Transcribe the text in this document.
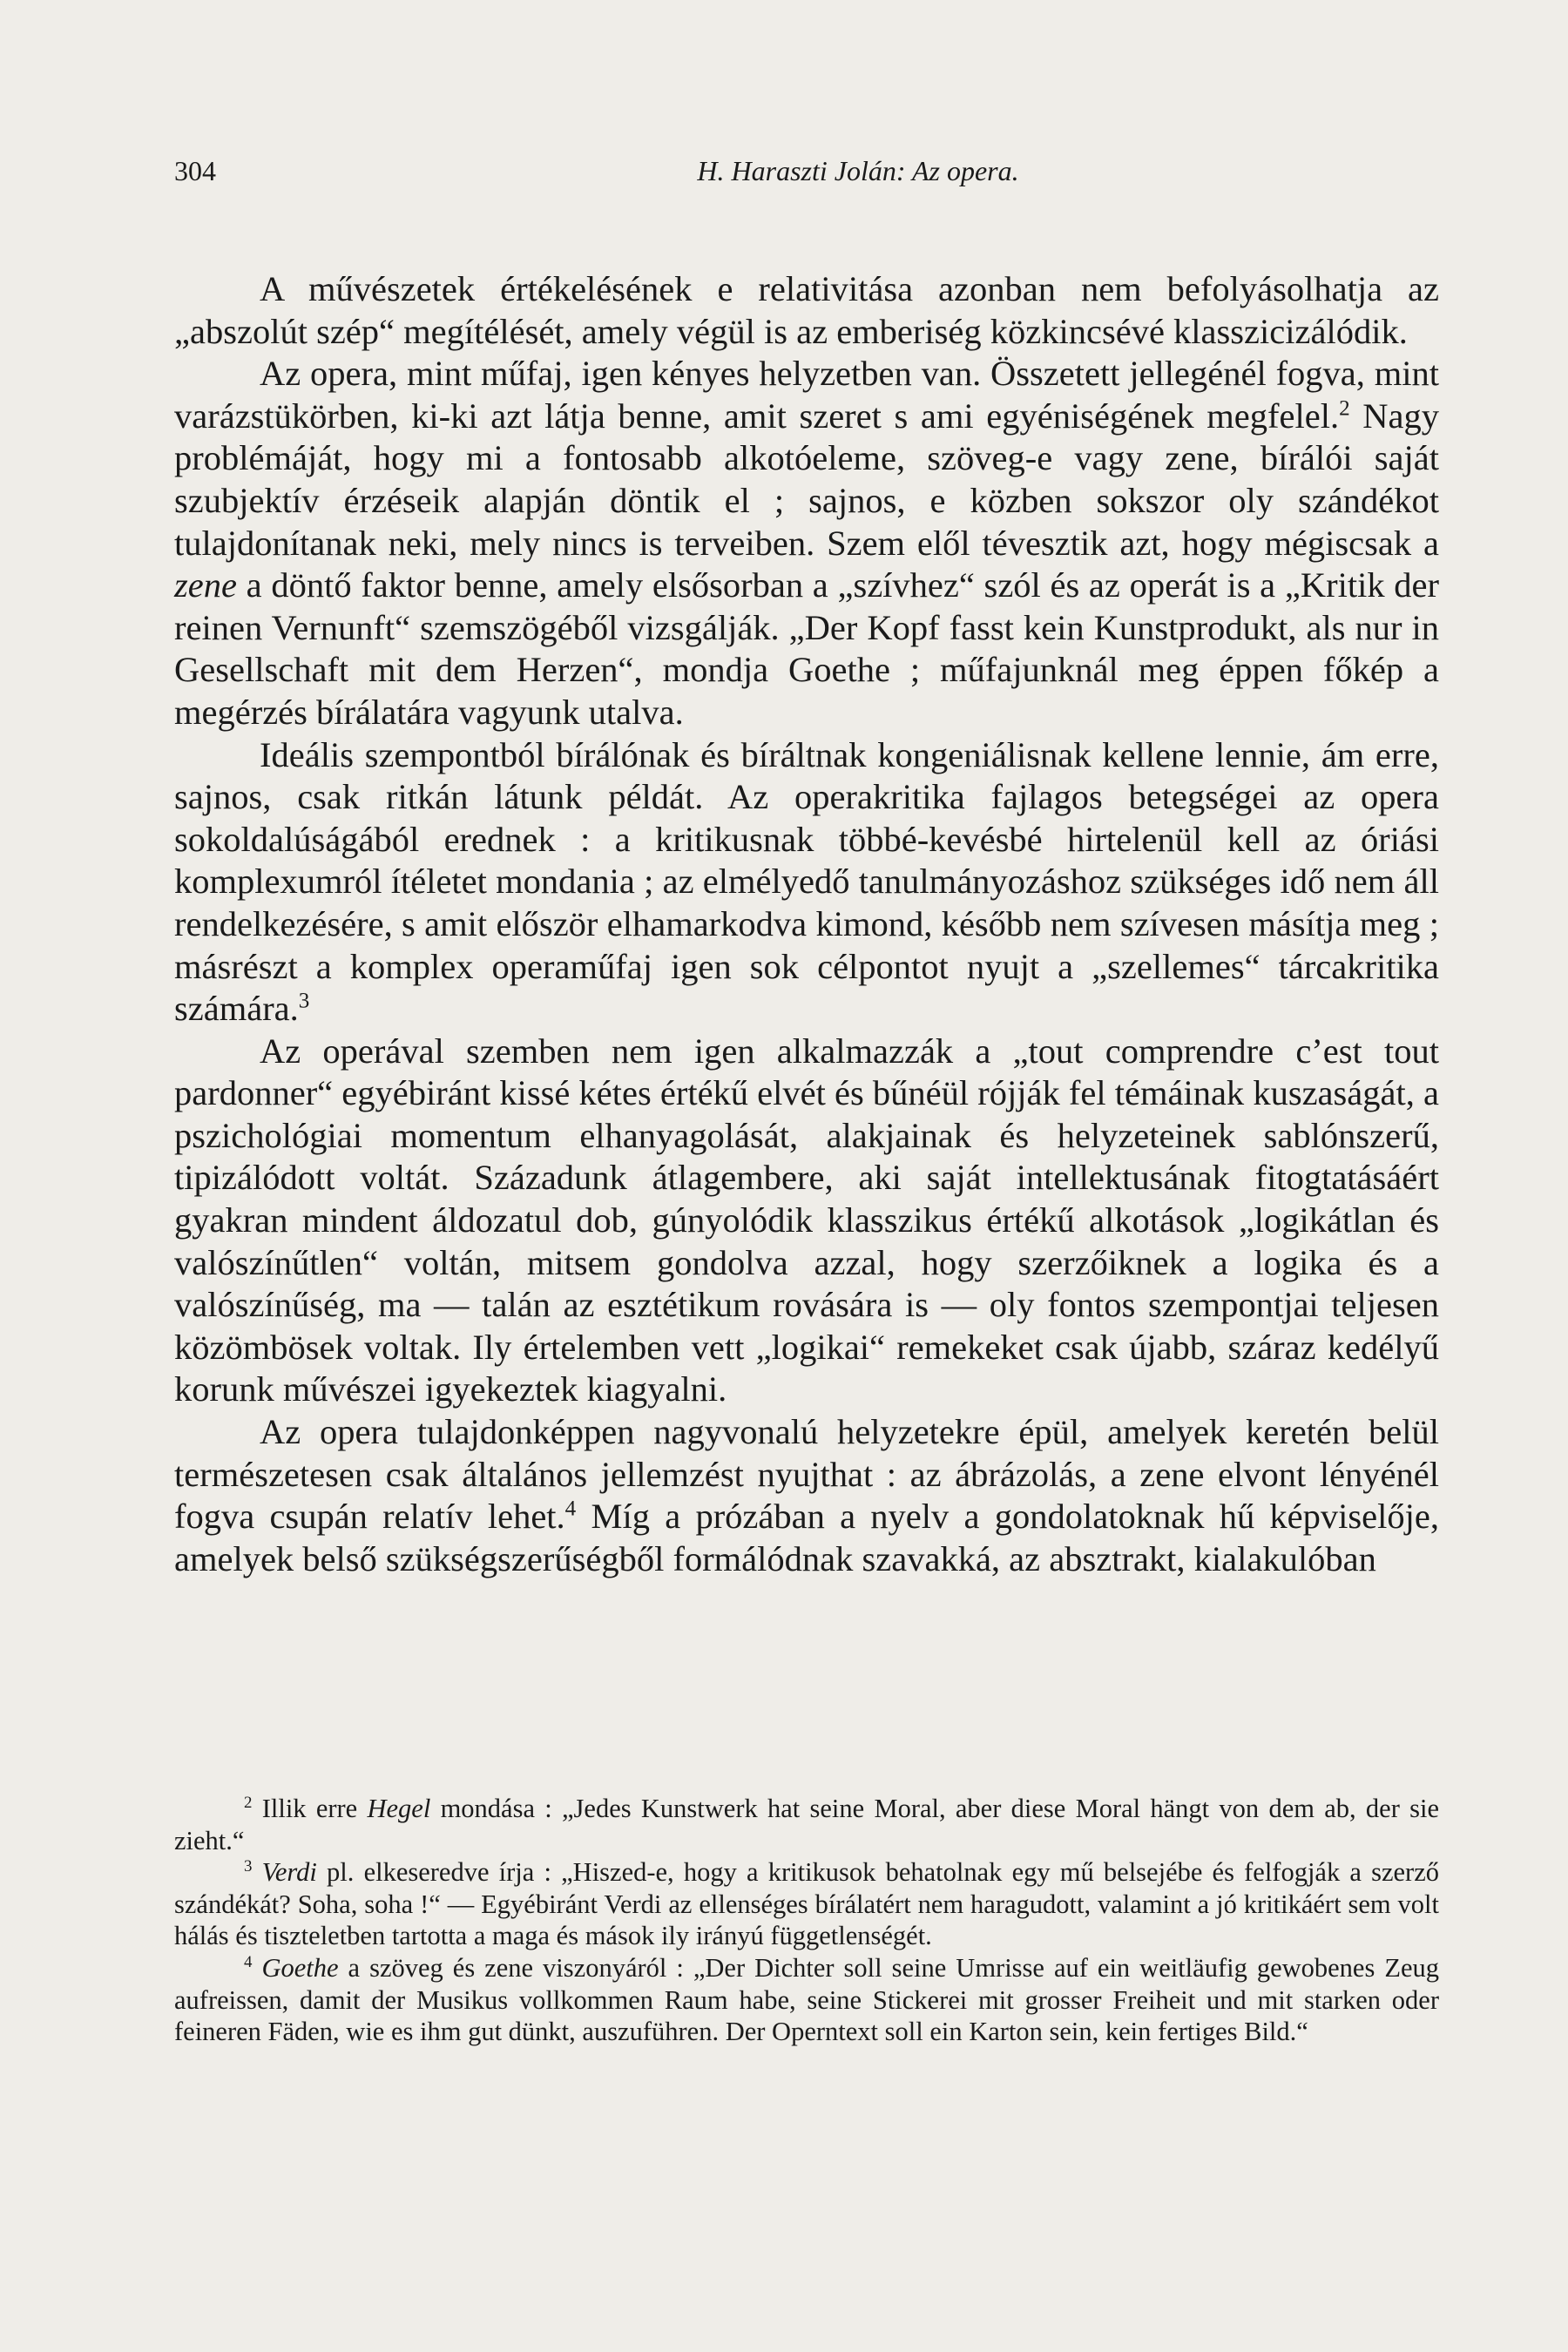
304	H. Haraszti Jolán: Az opera.

A művészetek értékelésének e relativitása azonban nem befolyásolhatja az „abszolút szép“ megítélését, amely végül is az emberiség közkincsévé klasszicizálódik.

Az opera, mint műfaj, igen kényes helyzetben van. Összetett jellegénél fogva, mint varázstükörben, ki-ki azt látja benne, amit szeret s ami egyéniségének megfelel.$^2$ Nagy problémáját, hogy mi a fontosabb alkotóeleme, szöveg-e vagy zene, bírálói saját szubjektív érzéseik alapján döntik el ; sajnos, e közben sokszor oly szándékot tulajdonítanak neki, mely nincs is terveiben. Szem elől tévesztik azt, hogy mégiscsak a zene a döntő faktor benne, amely elsősorban a „szívhez“ szól és az operát is a „Kritik der reinen Vernunft“ szemszögéből vizsgálják. „Der Kopf fasst kein Kunstprodukt, als nur in Gesellschaft mit dem Herzen“, mondja Goethe ; műfajunknál meg éppen főkép a megérzés bírálatára vagyunk utalva.

Ideális szempontból bírálónak és bíráltnak kongeniálisnak kellene lennie, ám erre, sajnos, csak ritkán látunk példát. Az operakritika fajlagos betegségei az opera sokoldalúságából erednek : a kritikusnak többé-kevésbé hirtelenül kell az óriási komplexumról ítéletet mondania ; az elmélyedő tanulmányozáshoz szükséges idő nem áll rendelkezésére, s amit először elhamarkodva kimond, később nem szívesen másítja meg ; másrészt a komplex operaműfaj igen sok célpontot nyujt a „szellemes“ tárcakritika számára.$^3$

Az operával szemben nem igen alkalmazzák a „tout comprendre c’est tout pardonner“ egyébiránt kissé kétes értékű elvét és bűnéül rójják fel témáinak kuszaságát, a pszichológiai momentum elhanyagolását, alakjainak és helyzeteinek sablónszerű, tipizálódott voltát. Századunk átlagembere, aki saját intellektusának fitogtatásáért gyakran mindent áldozatul dob, gúnyolódik klasszikus értékű alkotások „logikátlan és valószínűtlen“ voltán, mitsem gondolva azzal, hogy szerzőiknek a logika és a valószínűség, ma — talán az esztétikum rovására is — oly fontos szempontjai teljesen közömbösek voltak. Ily értelemben vett „logikai“ remekeket csak újabb, száraz kedélyű korunk művészei igyekeztek kiagyalni.

Az opera tulajdonképpen nagyvonalú helyzetekre épül, amelyek keretén belül természetesen csak általános jellemzést nyujthat : az ábrázolás, a zene elvont lényénél fogva csupán relatív lehet.$^4$ Míg a prózában a nyelv a gondolatoknak hű képviselője, amelyek belső szükségszerűségből formálódnak szavakká, az absztrakt, kialakulóban

$^2$ Illik erre Hegel mondása : „Jedes Kunstwerk hat seine Moral, aber diese Moral hängt von dem ab, der sie zieht.“

$^3$ Verdi pl. elkeseredve írja : „Hiszed-e, hogy a kritikusok behatolnak egy mű belsejébe és felfogják a szerző szándékát? Soha, soha !“ — Egyébiránt Verdi az ellenséges bírálatért nem haragudott, valamint a jó kritikáért sem volt hálás és tiszteletben tartotta a maga és mások ily irányú függetlenségét.

$^4$ Goethe a szöveg és zene viszonyáról : „Der Dichter soll seine Umrisse auf ein weitläufig gewobenes Zeug aufreissen, damit der Musikus vollkommen Raum habe, seine Stickerei mit grosser Freiheit und mit starken oder feineren Fäden, wie es ihm gut dünkt, auszuführen. Der Operntext soll ein Karton sein, kein fertiges Bild.“
